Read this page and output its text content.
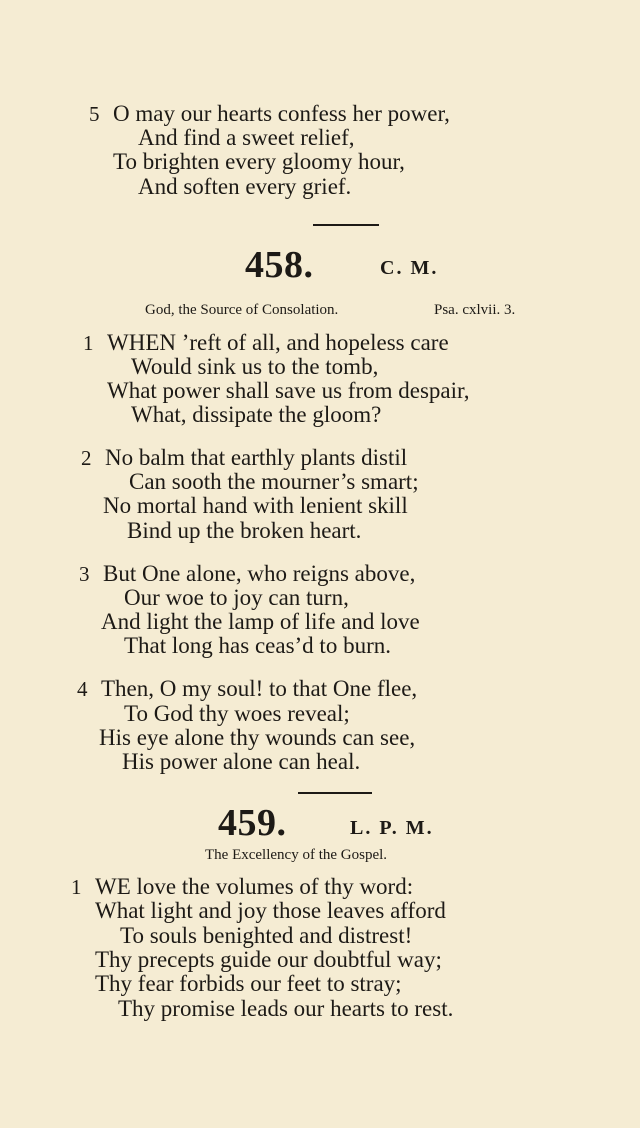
5 O may our hearts confess her power,
And find a sweet relief,
To brighten every gloomy hour,
And soften every grief.
458.	C. M.
God, the Source of Consolation.	Psa. cxlvii. 3.
1 WHEN ’reft of all, and hopeless care
Would sink us to the tomb,
What power shall save us from despair,
What, dissipate the gloom?
2 No balm that earthly plants distil
Can sooth the mourner’s smart;
No mortal hand with lenient skill
Bind up the broken heart.
3 But One alone, who reigns above,
Our woe to joy can turn,
And light the lamp of life and love
That long has ceas’d to burn.
4 Then, O my soul! to that One flee,
To God thy woes reveal;
His eye alone thy wounds can see,
His power alone can heal.
459.	L. P. M.
The Excellency of the Gospel.
1 WE love the volumes of thy word:
What light and joy those leaves afford
To souls benighted and distrest!
Thy precepts guide our doubtful way;
Thy fear forbids our feet to stray;
Thy promise leads our hearts to rest.
